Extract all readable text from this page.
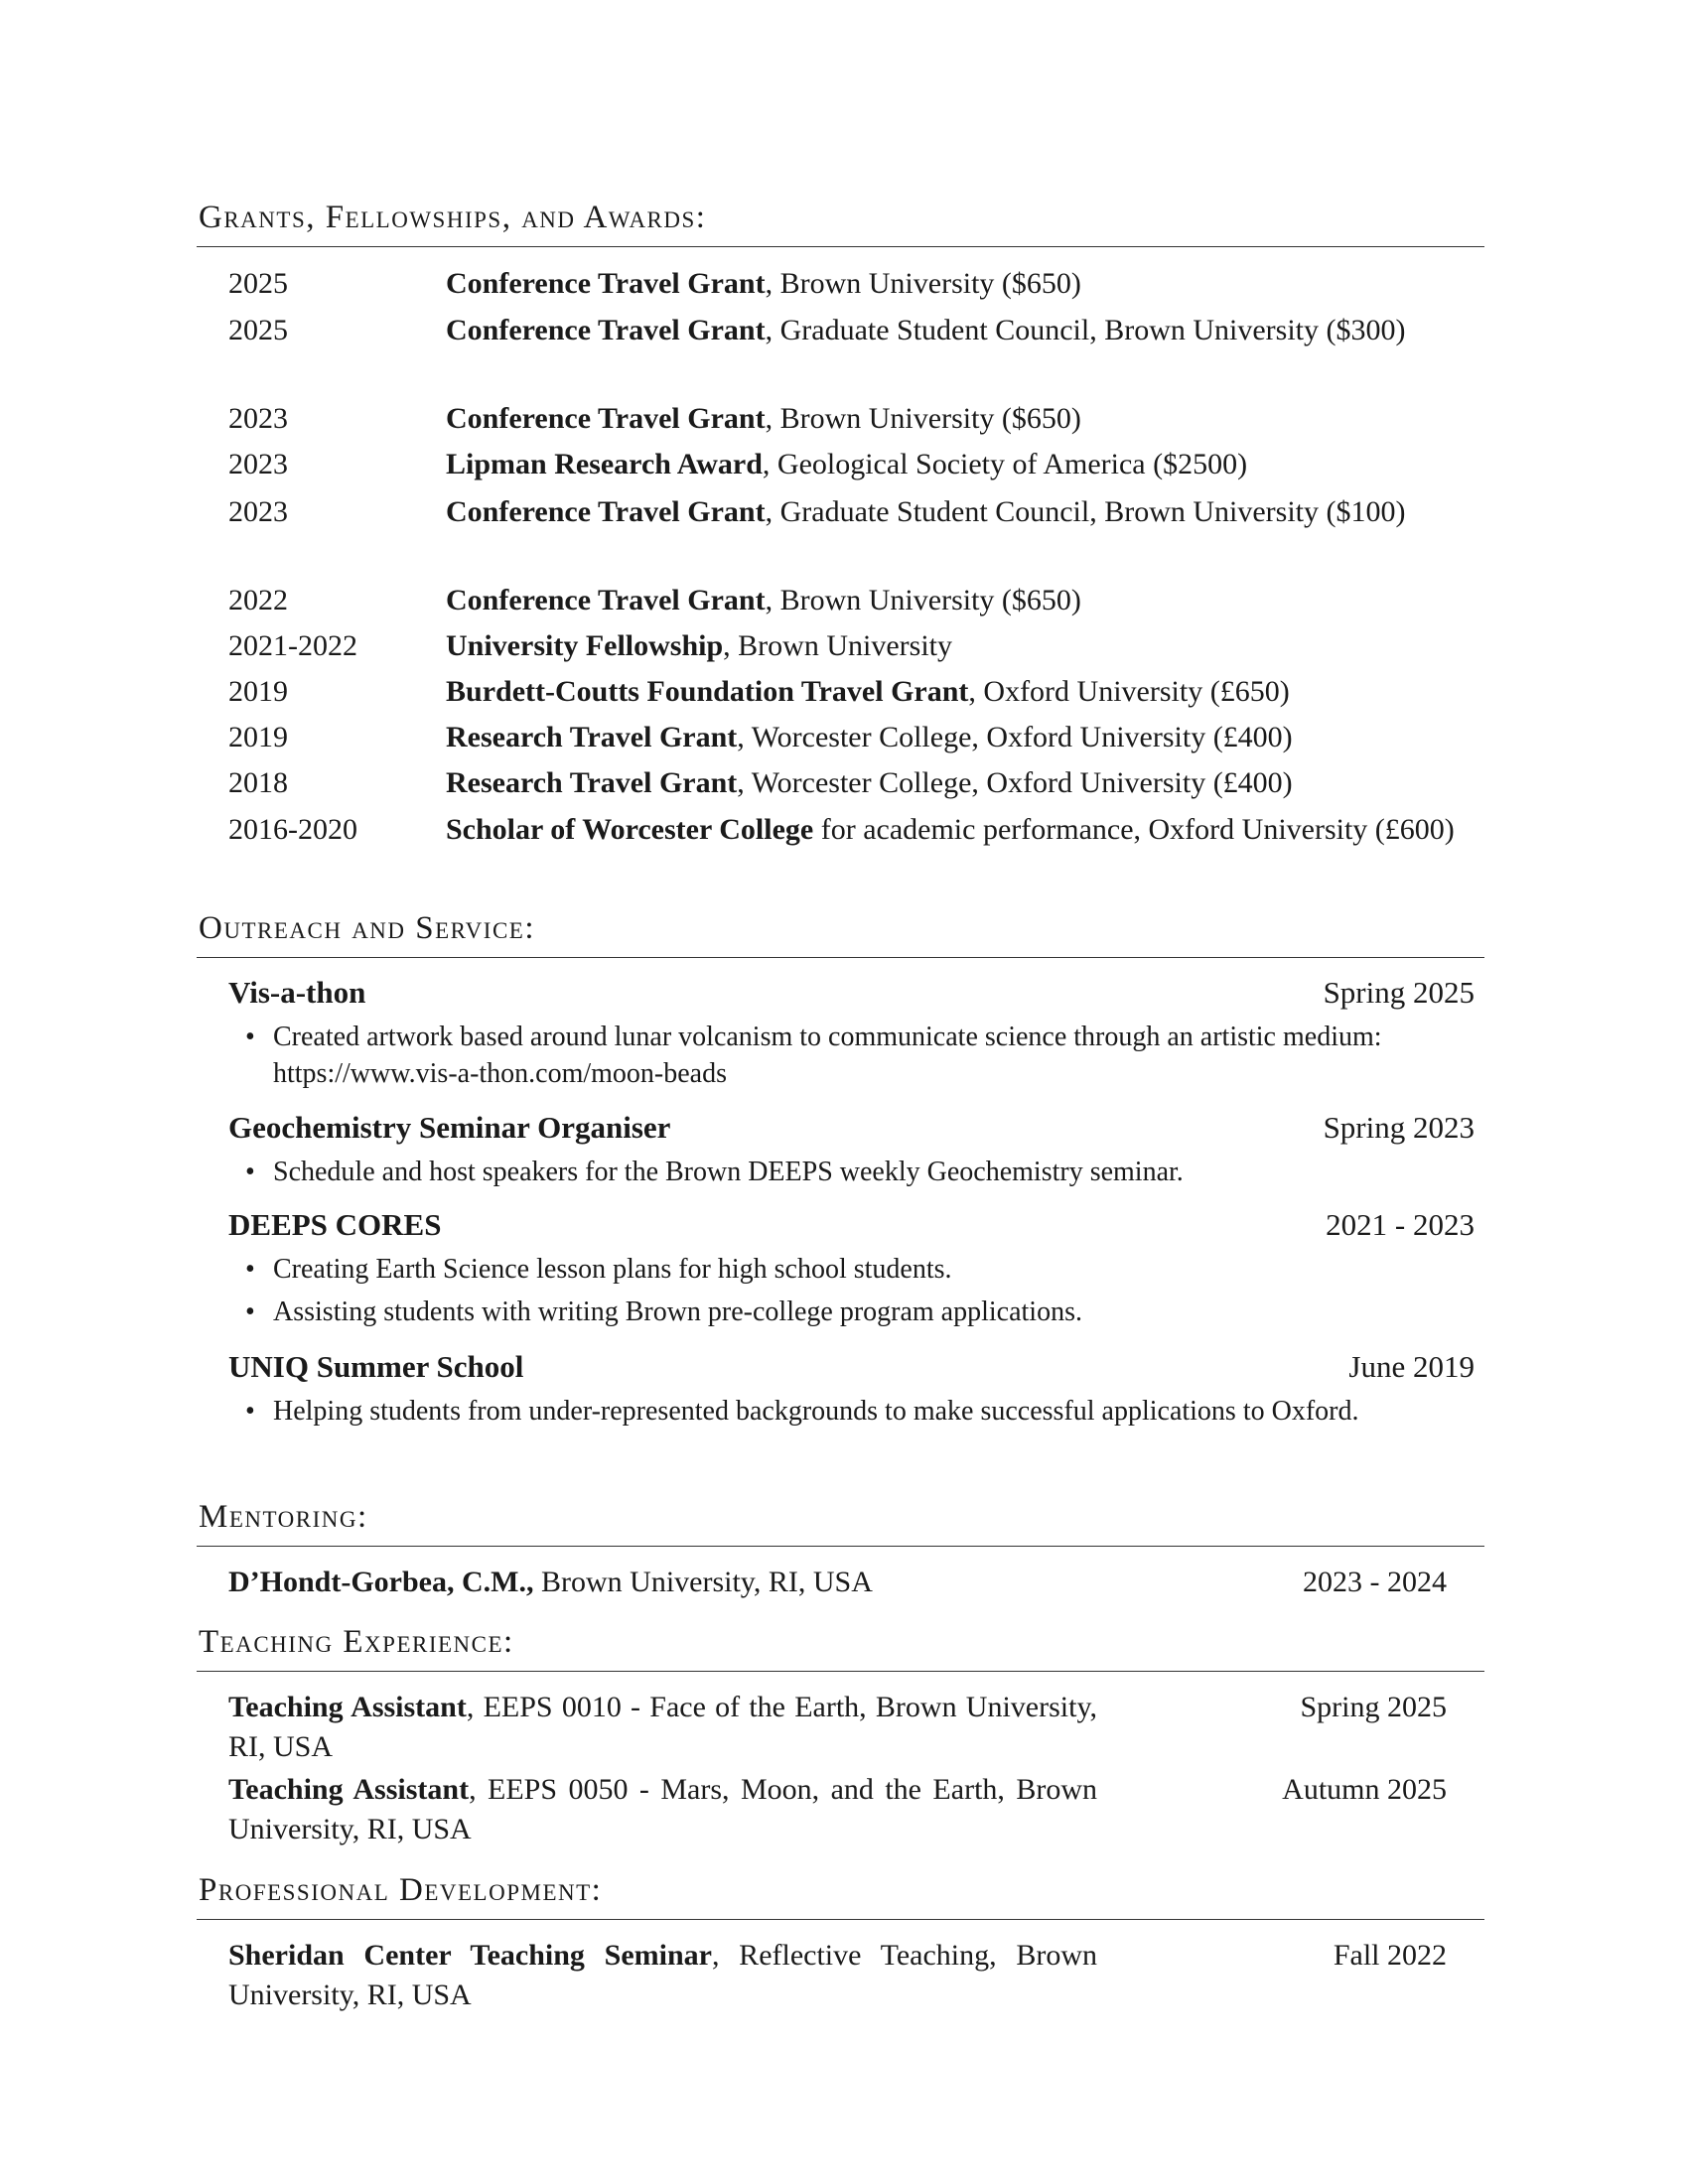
Grants, Fellowships, and Awards:
2025	Conference Travel Grant, Brown University ($650)
2025	Conference Travel Grant, Graduate Student Council, Brown University ($300)
2023	Conference Travel Grant, Brown University ($650)
2023	Lipman Research Award, Geological Society of America ($2500)
2023	Conference Travel Grant, Graduate Student Council, Brown University ($100)
2022	Conference Travel Grant, Brown University ($650)
2021-2022	University Fellowship, Brown University
2019	Burdett-Coutts Foundation Travel Grant, Oxford University (£650)
2019	Research Travel Grant, Worcester College, Oxford University (£400)
2018	Research Travel Grant, Worcester College, Oxford University (£400)
2016-2020	Scholar of Worcester College for academic performance, Oxford University (£600)
Outreach and Service:
Vis-a-thon	Spring 2025
• Created artwork based around lunar volcanism to communicate science through an artistic medium: https://www.vis-a-thon.com/moon-beads
Geochemistry Seminar Organiser	Spring 2023
• Schedule and host speakers for the Brown DEEPS weekly Geochemistry seminar.
DEEPS CORES	2021 - 2023
• Creating Earth Science lesson plans for high school students.
• Assisting students with writing Brown pre-college program applications.
UNIQ Summer School	June 2019
• Helping students from under-represented backgrounds to make successful applications to Oxford.
Mentoring:
D’Hondt-Gorbea, C.M., Brown University, RI, USA	2023 - 2024
Teaching Experience:
Teaching Assistant, EEPS 0010 - Face of the Earth, Brown University, RI, USA
Spring 2025
Teaching Assistant, EEPS 0050 - Mars, Moon, and the Earth, Brown University, RI, USA
Autumn 2025
Professional Development:
Sheridan Center Teaching Seminar, Reflective Teaching, Brown University, RI, USA
Fall 2022
